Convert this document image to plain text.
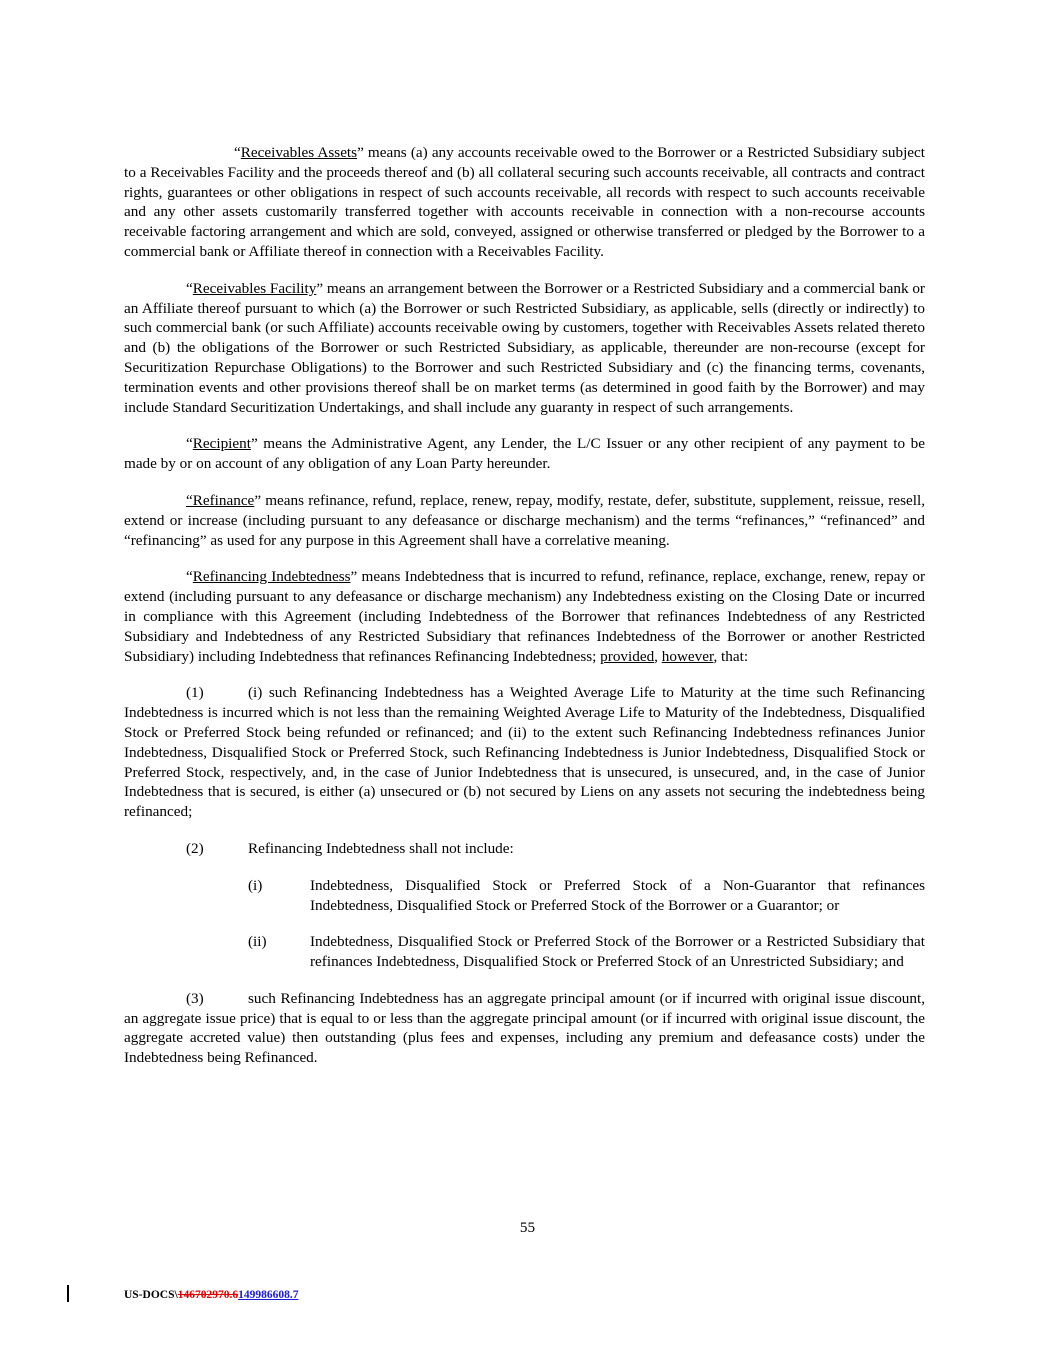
“Receivables Assets” means (a) any accounts receivable owed to the Borrower or a Restricted Subsidiary subject to a Receivables Facility and the proceeds thereof and (b) all collateral securing such accounts receivable, all contracts and contract rights, guarantees or other obligations in respect of such accounts receivable, all records with respect to such accounts receivable and any other assets customarily transferred together with accounts receivable in connection with a non-recourse accounts receivable factoring arrangement and which are sold, conveyed, assigned or otherwise transferred or pledged by the Borrower to a commercial bank or Affiliate thereof in connection with a Receivables Facility.

“Receivables Facility” means an arrangement between the Borrower or a Restricted Subsidiary and a commercial bank or an Affiliate thereof pursuant to which (a) the Borrower or such Restricted Subsidiary, as applicable, sells (directly or indirectly) to such commercial bank (or such Affiliate) accounts receivable owing by customers, together with Receivables Assets related thereto and (b) the obligations of the Borrower or such Restricted Subsidiary, as applicable, thereunder are non-recourse (except for Securitization Repurchase Obligations) to the Borrower and such Restricted Subsidiary and (c) the financing terms, covenants, termination events and other provisions thereof shall be on market terms (as determined in good faith by the Borrower) and may include Standard Securitization Undertakings, and shall include any guaranty in respect of such arrangements.

“Recipient” means the Administrative Agent, any Lender, the L/C Issuer or any other recipient of any payment to be made by or on account of any obligation of any Loan Party hereunder.

“Refinance” means refinance, refund, replace, renew, repay, modify, restate, defer, substitute, supplement, reissue, resell, extend or increase (including pursuant to any defeasance or discharge mechanism) and the terms “refinances,” “refinanced” and “refinancing” as used for any purpose in this Agreement shall have a correlative meaning.

“Refinancing Indebtedness” means Indebtedness that is incurred to refund, refinance, replace, exchange, renew, repay or extend (including pursuant to any defeasance or discharge mechanism) any Indebtedness existing on the Closing Date or incurred in compliance with this Agreement (including Indebtedness of the Borrower that refinances Indebtedness of any Restricted Subsidiary and Indebtedness of any Restricted Subsidiary that refinances Indebtedness of the Borrower or another Restricted Subsidiary) including Indebtedness that refinances Refinancing Indebtedness; provided, however, that:

(1)	(i) such Refinancing Indebtedness has a Weighted Average Life to Maturity at the time such Refinancing Indebtedness is incurred which is not less than the remaining Weighted Average Life to Maturity of the Indebtedness, Disqualified Stock or Preferred Stock being refunded or refinanced; and (ii) to the extent such Refinancing Indebtedness refinances Junior Indebtedness, Disqualified Stock or Preferred Stock, such Refinancing Indebtedness is Junior Indebtedness, Disqualified Stock or Preferred Stock, respectively, and, in the case of Junior Indebtedness that is unsecured, is unsecured, and, in the case of Junior Indebtedness that is secured, is either (a) unsecured or (b) not secured by Liens on any assets not securing the indebtedness being refinanced;

(2)	Refinancing Indebtedness shall not include:

(i)	Indebtedness, Disqualified Stock or Preferred Stock of a Non-Guarantor that refinances Indebtedness, Disqualified Stock or Preferred Stock of the Borrower or a Guarantor; or
(ii)	Indebtedness, Disqualified Stock or Preferred Stock of the Borrower or a Restricted Subsidiary that refinances Indebtedness, Disqualified Stock or Preferred Stock of an Unrestricted Subsidiary; and

(3)	such Refinancing Indebtedness has an aggregate principal amount (or if incurred with original issue discount, an aggregate issue price) that is equal to or less than the aggregate principal amount (or if incurred with original issue discount, the aggregate accreted value) then outstanding (plus fees and expenses, including any premium and defeasance costs) under the Indebtedness being Refinanced.

55
US-DOCS\146702970.6149986608.7
